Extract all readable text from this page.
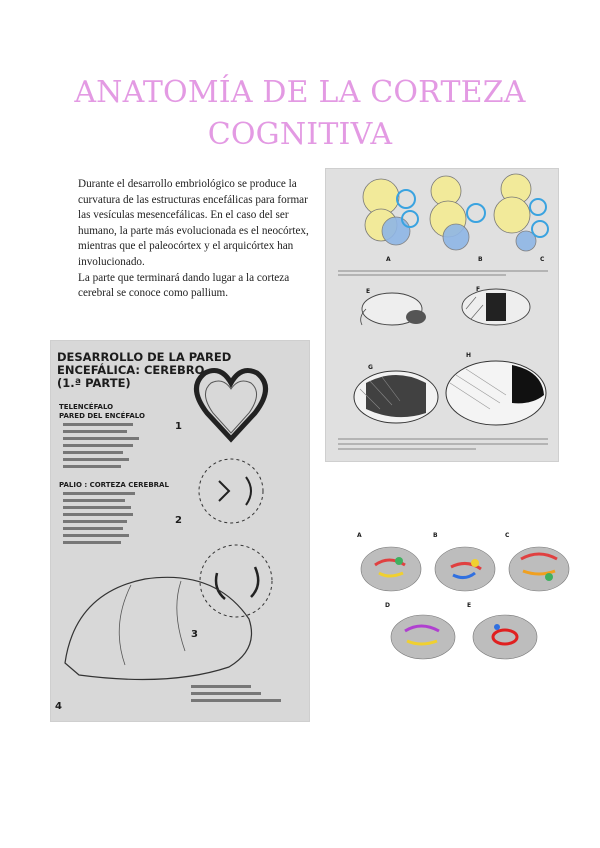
ANATOMÍA DE LA CORTEZA
COGNITIVA

Durante el desarrollo embriológico se produce la curvatura de las estructuras encefálicas para formar las vesículas mesencefálicas. En el caso del ser humano, la parte más evolucionada es el neocórtex, mientras que el paleocórtex y el arquicórtex han involucionado.

La parte que terminará dando lugar a la corteza cerebral se conoce como pallium.

A	B	C
E	F
G
H
DESARROLLO DE LA PARED
ENCEFÁLICA: CEREBRO
(1.ª PARTE)
TELENCÉFALO
PARED DEL ENCÉFALO
PALIO : CORTEZA CEREBRAL
1
2
3
4
A	B	C
D	E
